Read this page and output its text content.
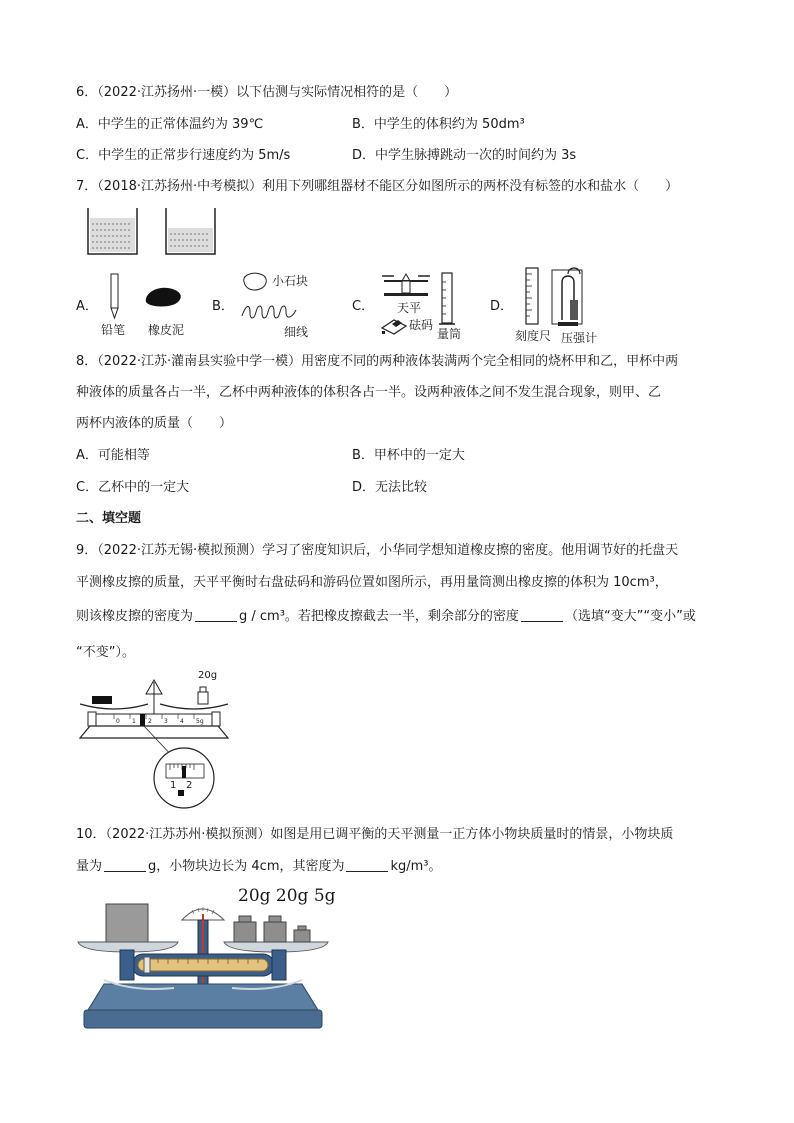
6．（2022·江苏扬州·一模）以下估测与实际情况相符的是（　　）
A．中学生的正常体温约为 39℃	B．中学生的体积约为 50dm³
C．中学生的正常步行速度约为 5m/s	D．中学生脉搏跳动一次的时间约为 3s
7．（2018·江苏扬州·中考模拟）利用下列哪组器材不能区分如图所示的两杯没有标签的水和盐水（　　）
A．
铅笔 橡皮泥
B．
小石块
细线
C． 天平
砝码
量筒
D．
刻度尺 压强计
8．（2022·江苏·灌南县实验中学一模）用密度不同的两种液体装满两个完全相同的烧杯甲和乙，甲杯中两
种液体的质量各占一半，乙杯中两种液体的体积各占一半。设两种液体之间不发生混合现象，则甲、乙
两杯内液体的质量（　　）
A．可能相等	B．甲杯中的一定大
C．乙杯中的一定大	D．无法比较
二、填空题
9．（2022·江苏无锡·模拟预测）学习了密度知识后，小华同学想知道橡皮擦的密度。他用调节好的托盘天
平测橡皮擦的质量，天平平衡时右盘砝码和游码位置如图所示，再用量筒测出橡皮擦的体积为 10cm³，
则该橡皮擦的密度为	g / cm³。若把橡皮擦截去一半，剩余部分的密度	（选填“变大”“变小”或
“不变”）。
20g
0 1 2 3 4 5g
1 2
10．（2022·江苏苏州·模拟预测）如图是用已调平衡的天平测量一正方体小物块质量时的情景，小物块质
量为	g，小物块边长为 4cm，其密度为	kg/m³。
20g 20g 5g
